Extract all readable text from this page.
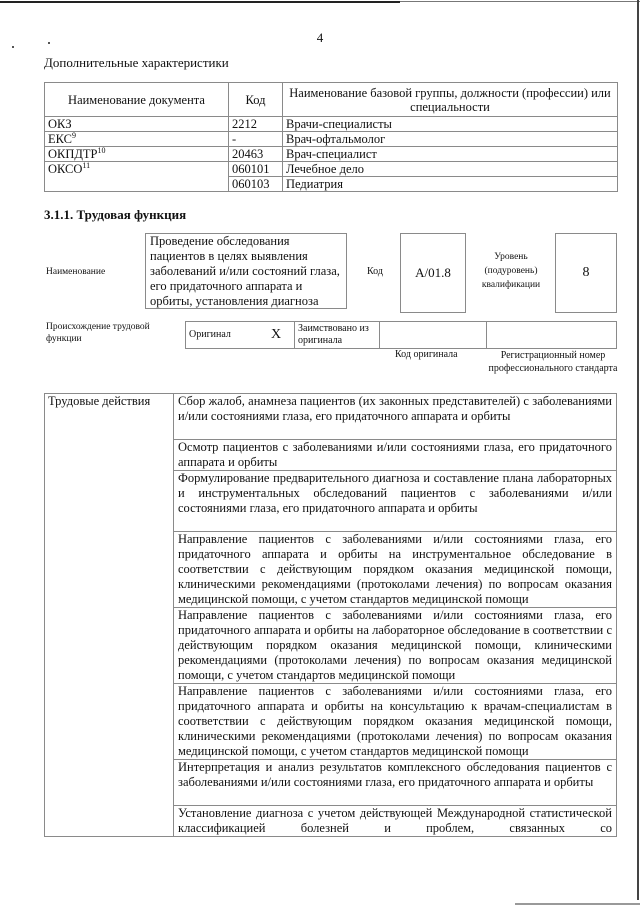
4
Дополнительные характеристики
Наименование документа	Код	Наименование базовой группы, должности (профессии) или специальности
ОКЗ	2212	Врачи-специалисты
ЕКС$^9$	-	Врач-офтальмолог
ОКПДТР$^{10}$	20463	Врач-специалист
ОКСО$^{11}$	060101	Лечебное дело
	060103	Педиатрия
3.1.1. Трудовая функция
Наименование
Проведение обследования пациентов в целях выявления заболеваний и/или состояний глаза, его придаточного аппарата и орбиты, установления диагноза
Код	A/01.8
Уровень (подуровень) квалификации
8
Происхождение трудовой функции	Оригинал	X	Заимствовано из оригинала		
Код оригинала	Регистрационный номер профессионального стандарта
Трудовые действия	Сбор жалоб, анамнеза пациентов (их законных представителей) с заболеваниями и/или состояниями глаза, его придаточного аппарата и орбиты
Осмотр пациентов с заболеваниями и/или состояниями глаза, его придаточного аппарата и орбиты
Формулирование предварительного диагноза и составление плана лабораторных и инструментальных обследований пациентов с заболеваниями и/или состояниями глаза, его придаточного аппарата и орбиты
Направление пациентов с заболеваниями и/или состояниями глаза, его придаточного аппарата и орбиты на инструментальное обследование в соответствии с действующим порядком оказания медицинской помощи, клиническими рекомендациями (протоколами лечения) по вопросам оказания медицинской помощи, с учетом стандартов медицинской помощи
Направление пациентов с заболеваниями и/или состояниями глаза, его придаточного аппарата и орбиты на лабораторное обследование в соответствии с действующим порядком оказания медицинской помощи, клиническими рекомендациями (протоколами лечения) по вопросам оказания медицинской помощи, с учетом стандартов медицинской помощи
Направление пациентов с заболеваниями и/или состояниями глаза, его придаточного аппарата и орбиты на консультацию к врачам-специалистам в соответствии с действующим порядком оказания медицинской помощи, клиническими рекомендациями (протоколами лечения) по вопросам оказания медицинской помощи, с учетом стандартов медицинской помощи
Интерпретация и анализ результатов комплексного обследования пациентов с заболеваниями и/или состояниями глаза, его придаточного аппарата и орбиты
Установление диагноза с учетом действующей Международной статистической классификацией болезней и проблем, связанных со
